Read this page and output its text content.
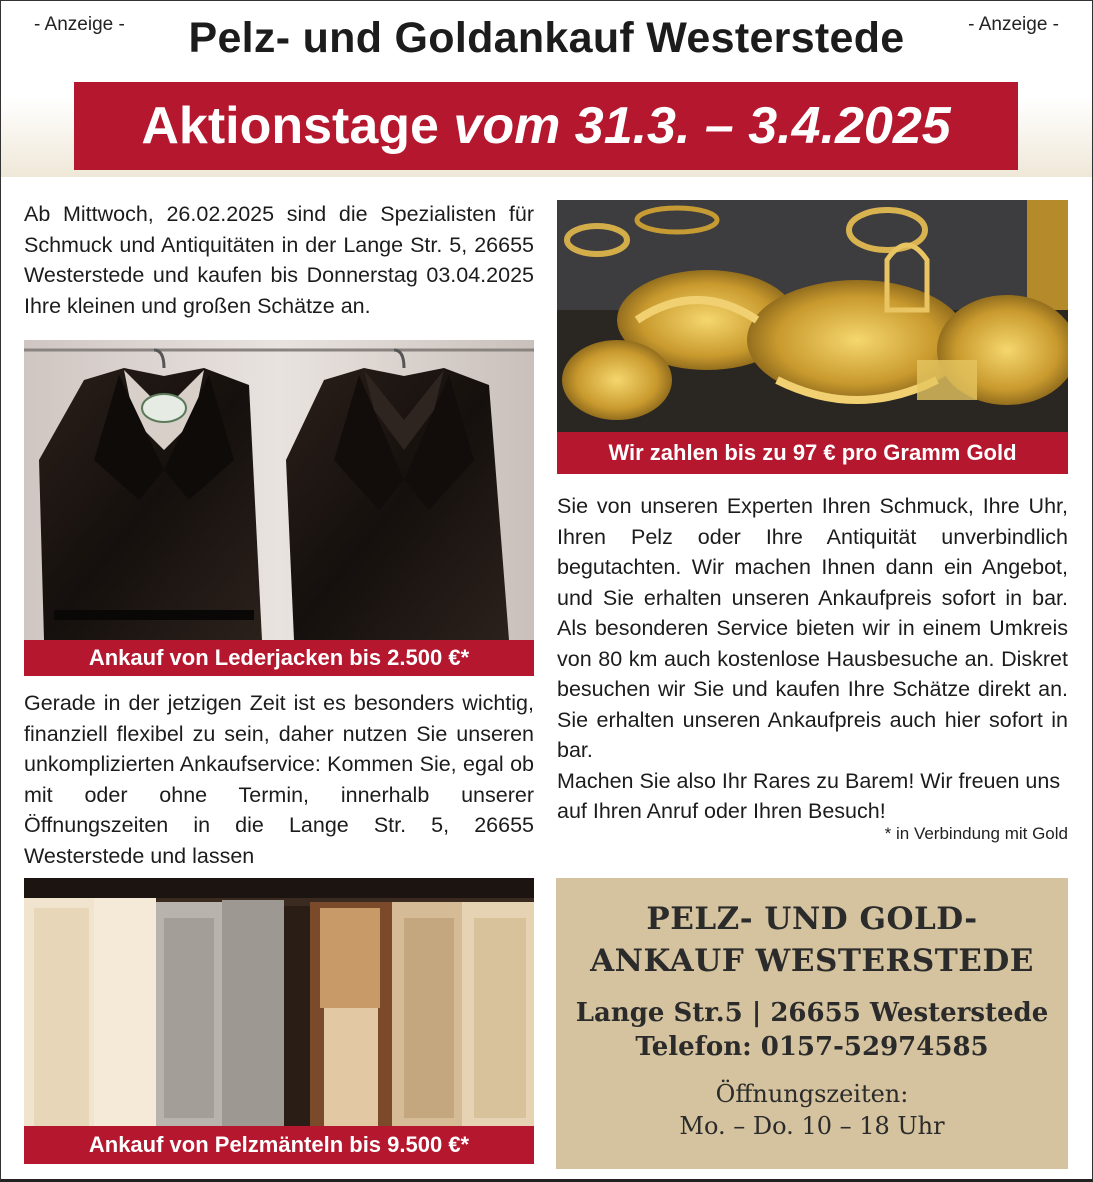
- Anzeige -	- Anzeige -
Pelz- und Goldankauf Westerstede
Aktionstage vom 31.3. – 3.4.2025

Ab Mittwoch, 26.02.2025 sind die Spezialisten für Schmuck und Antiquitäten in der Lange Str. 5, 26655 Westerstede und kaufen bis Donnerstag 03.04.2025 Ihre kleinen und großen Schätze an.

Ankauf von Lederjacken bis 2.500 €*

Gerade in der jetzigen Zeit ist es besonders wichtig, finanziell flexibel zu sein, daher nutzen Sie unseren unkomplizierten Ankaufservice: Kommen Sie, egal ob mit oder ohne Termin, innerhalb unserer Öffnungszeiten in die Lange Str. 5, 26655 Westerstede und lassen

Ankauf von Pelzmänteln bis 9.500 €*
Wir zahlen bis zu 97 € pro Gramm Gold

Sie von unseren Experten Ihren Schmuck, Ihre Uhr, Ihren Pelz oder Ihre Antiquität unverbindlich begutachten. Wir machen Ihnen dann ein Angebot, und Sie erhalten unseren Ankaufpreis sofort in bar. Als besonderen Service bieten wir in einem Umkreis von 80 km auch kostenlose Hausbesuche an. Diskret besuchen wir Sie und kaufen Ihre Schätze direkt an. Sie erhalten unseren Ankaufpreis auch hier sofort in bar.

Machen Sie also Ihr Rares zu Barem! Wir freuen uns auf Ihren Anruf oder Ihren Besuch!

* in Verbindung mit Gold
PELZ- UND GOLD-
ANKAUF WESTERSTEDE
Lange Str.5 | 26655 Westerstede
Telefon: 0157-52974585
Öffnungszeiten:
Mo. – Do. 10 – 18 Uhr
